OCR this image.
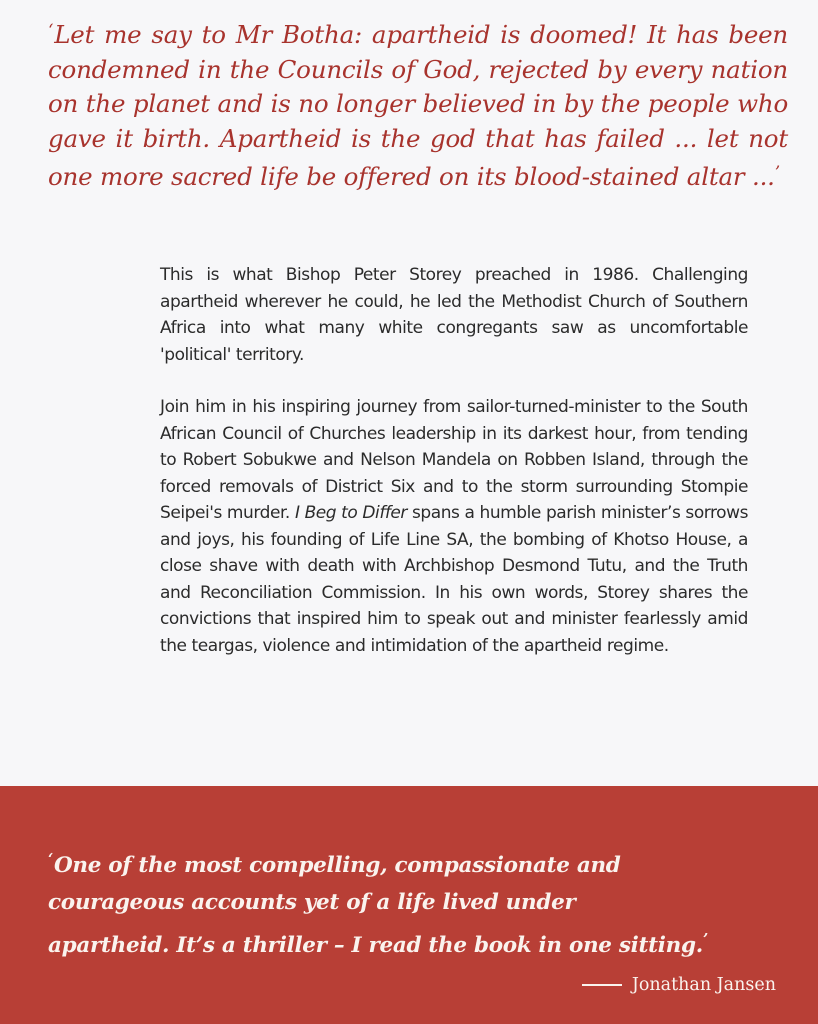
‘Let me say to Mr Botha: apartheid is doomed! It has been condemned in the Councils of God, rejected by every nation on the planet and is no longer believed in by the people who gave it birth. Apartheid is the god that has failed ... let not one more sacred life be offered on its blood-stained altar ...’

This is what Bishop Peter Storey preached in 1986. Challenging apartheid wherever he could, he led the Methodist Church of Southern Africa into what many white congregants saw as uncomfortable 'political' territory.

Join him in his inspiring journey from sailor-turned-minister to the South African Council of Churches leadership in its darkest hour, from tending to Robert Sobukwe and Nelson Mandela on Robben Island, through the forced removals of District Six and to the storm surrounding Stompie Seipei's murder. I Beg to Differ spans a humble parish minister’s sorrows and joys, his founding of Life Line SA, the bombing of Khotso House, a close shave with death with Archbishop Desmond Tutu, and the Truth and Reconciliation Commission. In his own words, Storey shares the convictions that inspired him to speak out and minister fearlessly amid the teargas, violence and intimidation of the apartheid regime.

‘One of the most compelling, compassionate and
courageous accounts yet of a life lived under
apartheid. It’s a thriller – I read the book in one sitting.’
Jonathan Jansen
